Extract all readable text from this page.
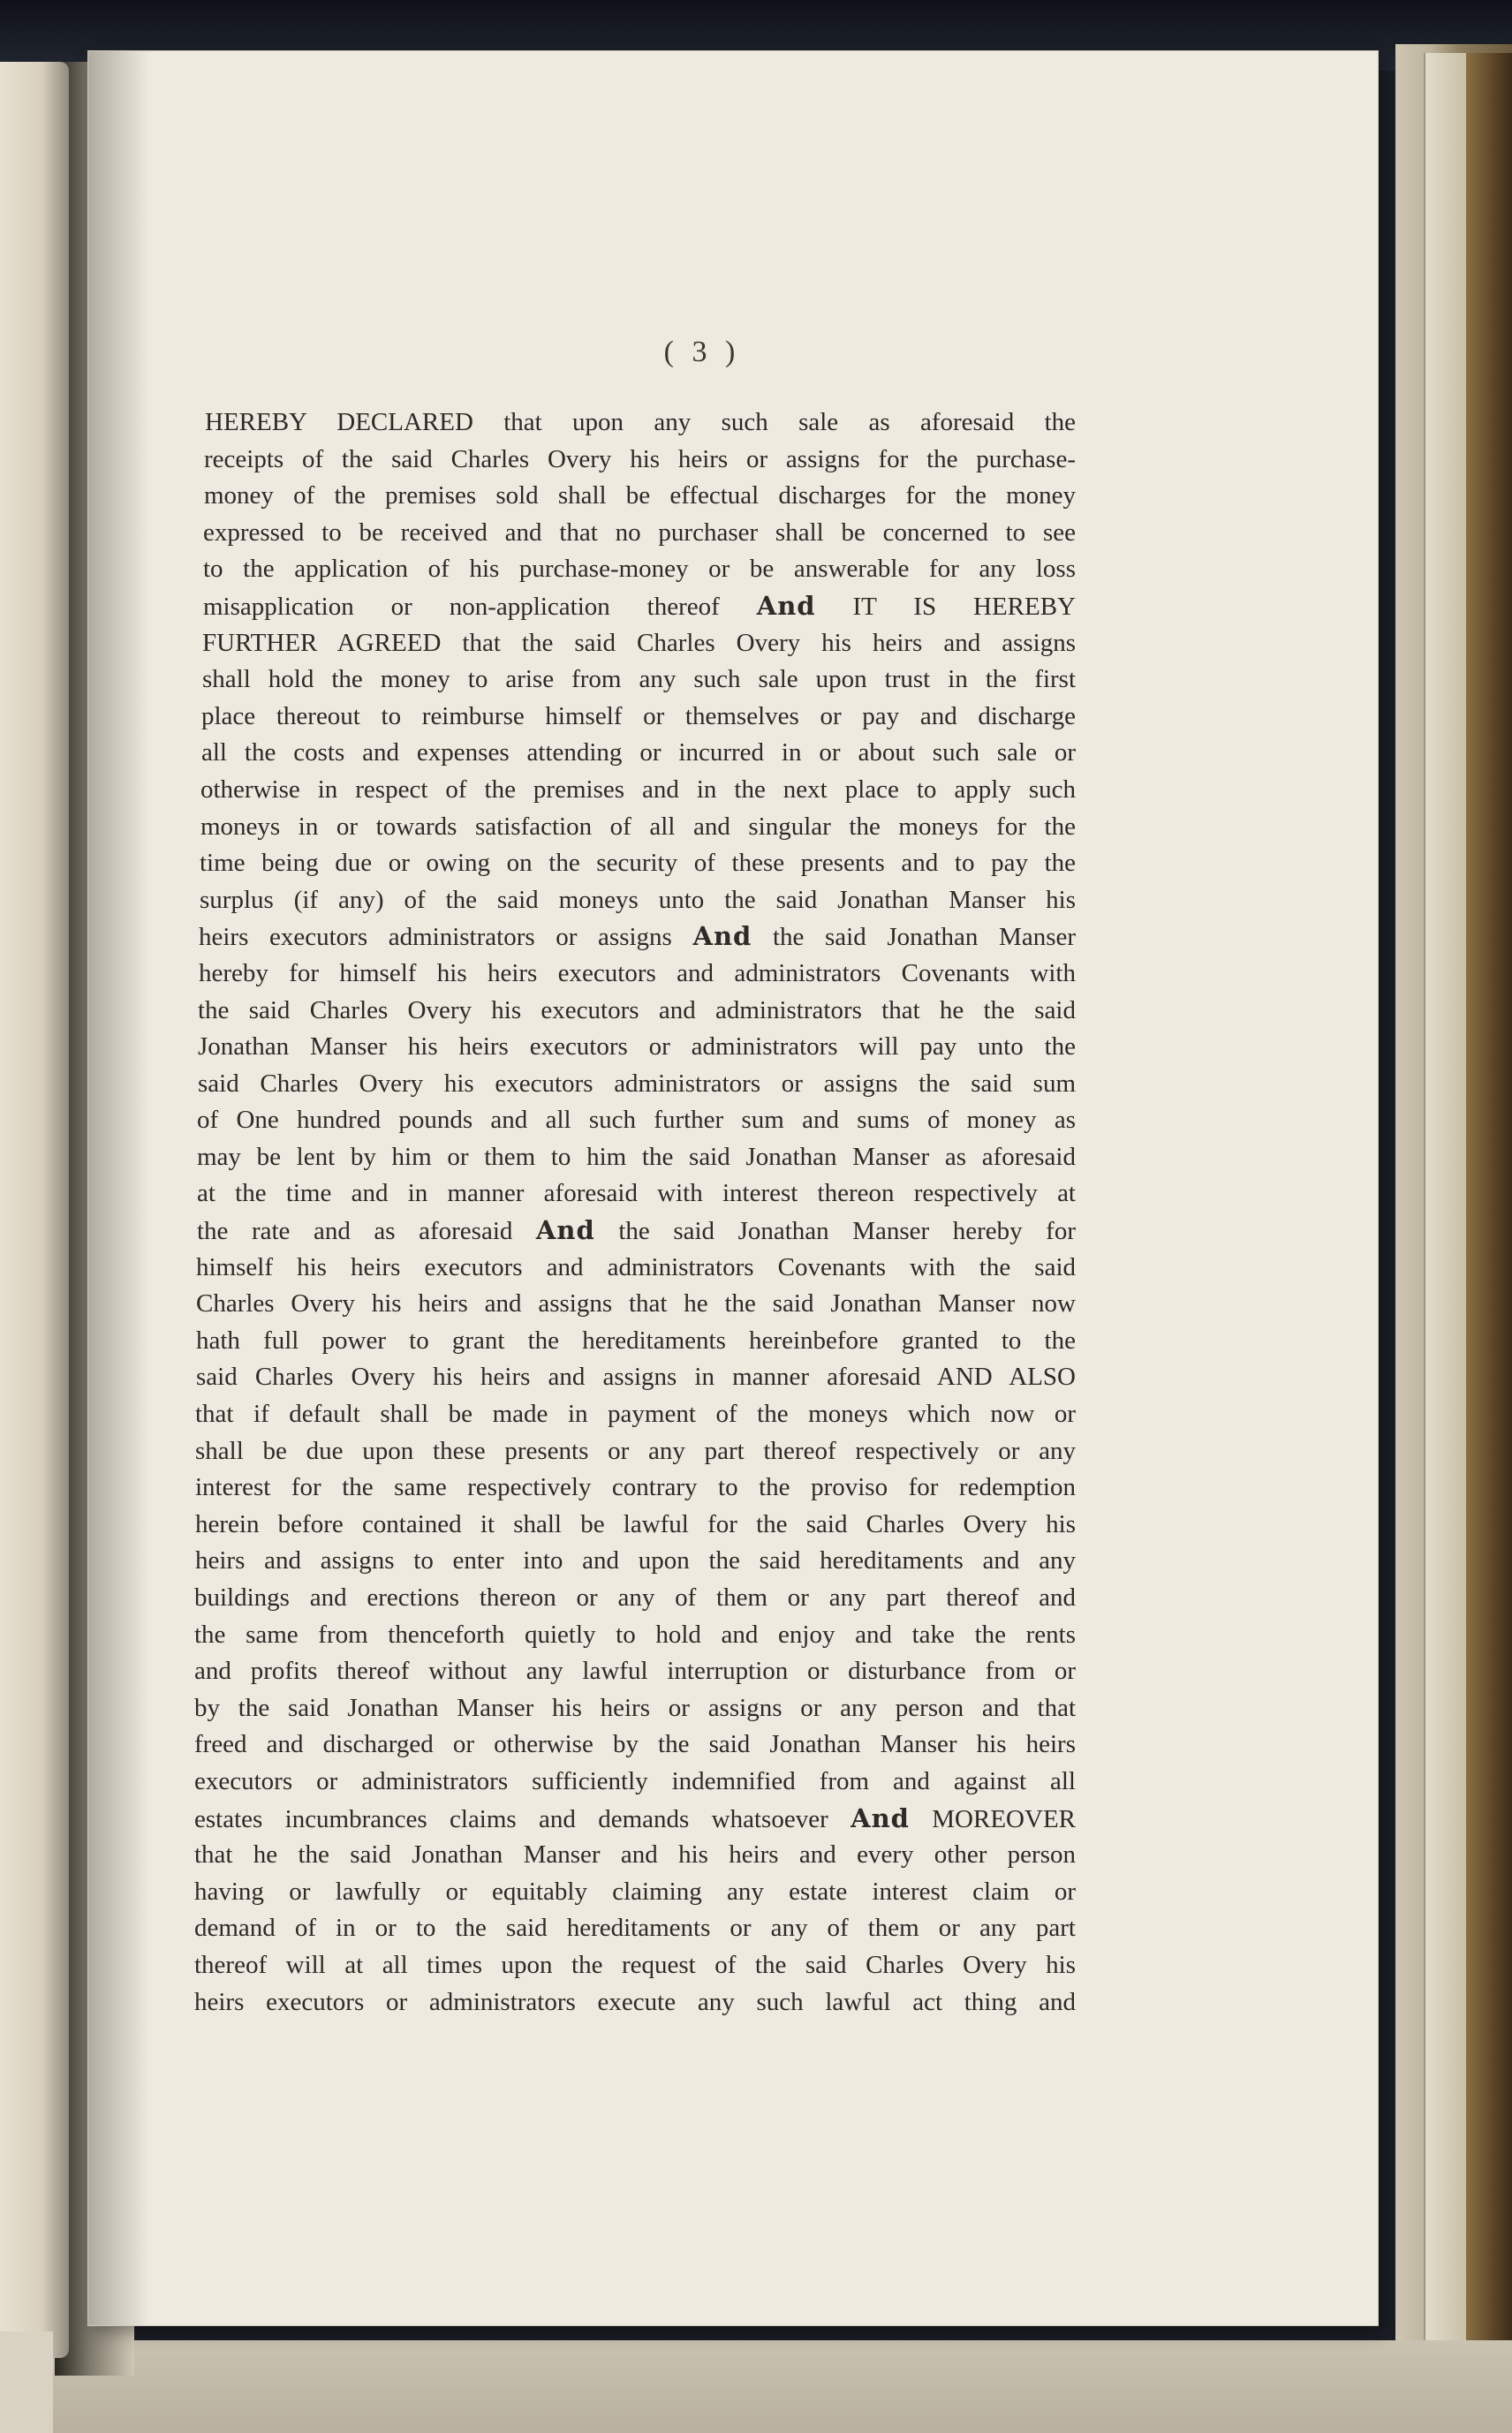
( 3 )
HEREBY DECLARED that upon any such sale as aforesaid the
receipts of the said Charles Overy his heirs or assigns for the purchase-
money of the premises sold shall be effectual discharges for the money
expressed to be received and that no purchaser shall be concerned to see
to the application of his purchase-money or be answerable for any loss
misapplication or non-application thereof And IT IS HEREBY
FURTHER AGREED that the said Charles Overy his heirs and assigns
shall hold the money to arise from any such sale upon trust in the first
place thereout to reimburse himself or themselves or pay and discharge
all the costs and expenses attending or incurred in or about such sale or
otherwise in respect of the premises and in the next place to apply such
moneys in or towards satisfaction of all and singular the moneys for the
time being due or owing on the security of these presents and to pay the
surplus (if any) of the said moneys unto the said Jonathan Manser his
heirs executors administrators or assigns And the said Jonathan Manser
hereby for himself his heirs executors and administrators Covenants with
the said Charles Overy his executors and administrators that he the said
Jonathan Manser his heirs executors or administrators will pay unto the
said Charles Overy his executors administrators or assigns the said sum
of One hundred pounds and all such further sum and sums of money as
may be lent by him or them to him the said Jonathan Manser as aforesaid
at the time and in manner aforesaid with interest thereon respectively at
the rate and as aforesaid And the said Jonathan Manser hereby for
himself his heirs executors and administrators Covenants with the said
Charles Overy his heirs and assigns that he the said Jonathan Manser now
hath full power to grant the hereditaments hereinbefore granted to the
said Charles Overy his heirs and assigns in manner aforesaid AND ALSO
that if default shall be made in payment of the moneys which now or
shall be due upon these presents or any part thereof respectively or any
interest for the same respectively contrary to the proviso for redemption
herein before contained it shall be lawful for the said Charles Overy his
heirs and assigns to enter into and upon the said hereditaments and any
buildings and erections thereon or any of them or any part thereof and
the same from thenceforth quietly to hold and enjoy and take the rents
and profits thereof without any lawful interruption or disturbance from or
by the said Jonathan Manser his heirs or assigns or any person and that
freed and discharged or otherwise by the said Jonathan Manser his heirs
executors or administrators sufficiently indemnified from and against all
estates incumbrances claims and demands whatsoever And MOREOVER
that he the said Jonathan Manser and his heirs and every other person
having or lawfully or equitably claiming any estate interest claim or
demand of in or to the said hereditaments or any of them or any part
thereof will at all times upon the request of the said Charles Overy his
heirs executors or administrators execute any such lawful act thing and
